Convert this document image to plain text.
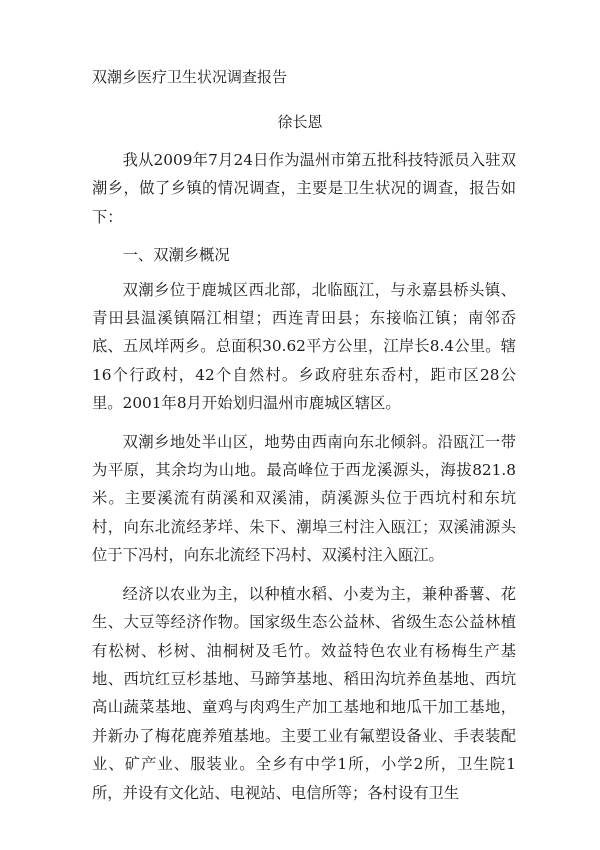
双潮乡医疗卫生状况调查报告
徐长恩

我从2009年7月24日作为温州市第五批科技特派员入驻双潮乡，做了乡镇的情况调查，主要是卫生状况的调查，报告如下：

一、双潮乡概况

双潮乡位于鹿城区西北部，北临瓯江，与永嘉县桥头镇、青田县温溪镇隔江相望；西连青田县；东接临江镇；南邻岙底、五凤垟两乡。总面积30.62平方公里，江岸长8.4公里。辖16个行政村，42个自然村。乡政府驻东岙村，距市区28公里。2001年8月开始划归温州市鹿城区辖区。

双潮乡地处半山区，地势由西南向东北倾斜。沿瓯江一带为平原，其余均为山地。最高峰位于西龙溪源头，海拔821.8米。主要溪流有荫溪和双溪浦，荫溪源头位于西坑村和东坑村，向东北流经茅垟、朱下、潮埠三村注入瓯江；双溪浦源头位于下冯村，向东北流经下冯村、双溪村注入瓯江。

经济以农业为主，以种植水稻、小麦为主，兼种番薯、花生、大豆等经济作物。国家级生态公益林、省级生态公益林植有松树、杉树、油桐树及毛竹。效益特色农业有杨梅生产基地、西坑红豆杉基地、马蹄笋基地、稻田沟坑养鱼基地、西坑高山蔬菜基地、童鸡与肉鸡生产加工基地和地瓜干加工基地，并新办了梅花鹿养殖基地。主要工业有氟塑设备业、手表装配业、矿产业、服装业。全乡有中学1所，小学2所，卫生院1所，并设有文化站、电视站、电信所等；各村设有卫生
